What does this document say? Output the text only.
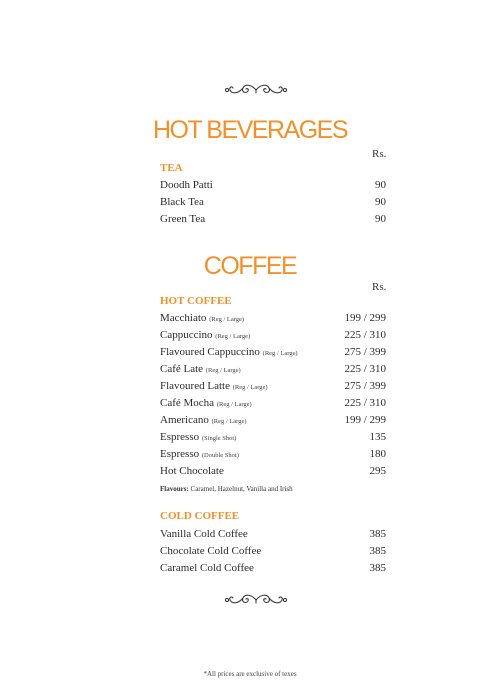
HOT BEVERAGES
Rs.
TEA
Doodh Patti	90
Black Tea	90
Green Tea	90
COFFEE
Rs.
HOT COFFEE
Macchiato (Reg / Large)	199 / 299
Cappuccino (Reg / Large)	225 / 310
Flavoured Cappuccino (Reg / Large)	275 / 399
Café Late (Reg / Large)	225 / 310
Flavoured Latte (Reg / Large)	275 / 399
Café Mocha (Reg / Large)	225 / 310
Americano (Reg / Large)	199 / 299
Espresso (Single Shot)	135
Espresso (Double Shot)	180
Hot Chocolate	295
Flavours: Caramel, Hazelnut, Vanilla and Irish
COLD COFFEE
Vanilla Cold Coffee	385
Chocolate Cold Coffee	385
Caramel Cold Coffee	385
*All prices are exclusive of texes
